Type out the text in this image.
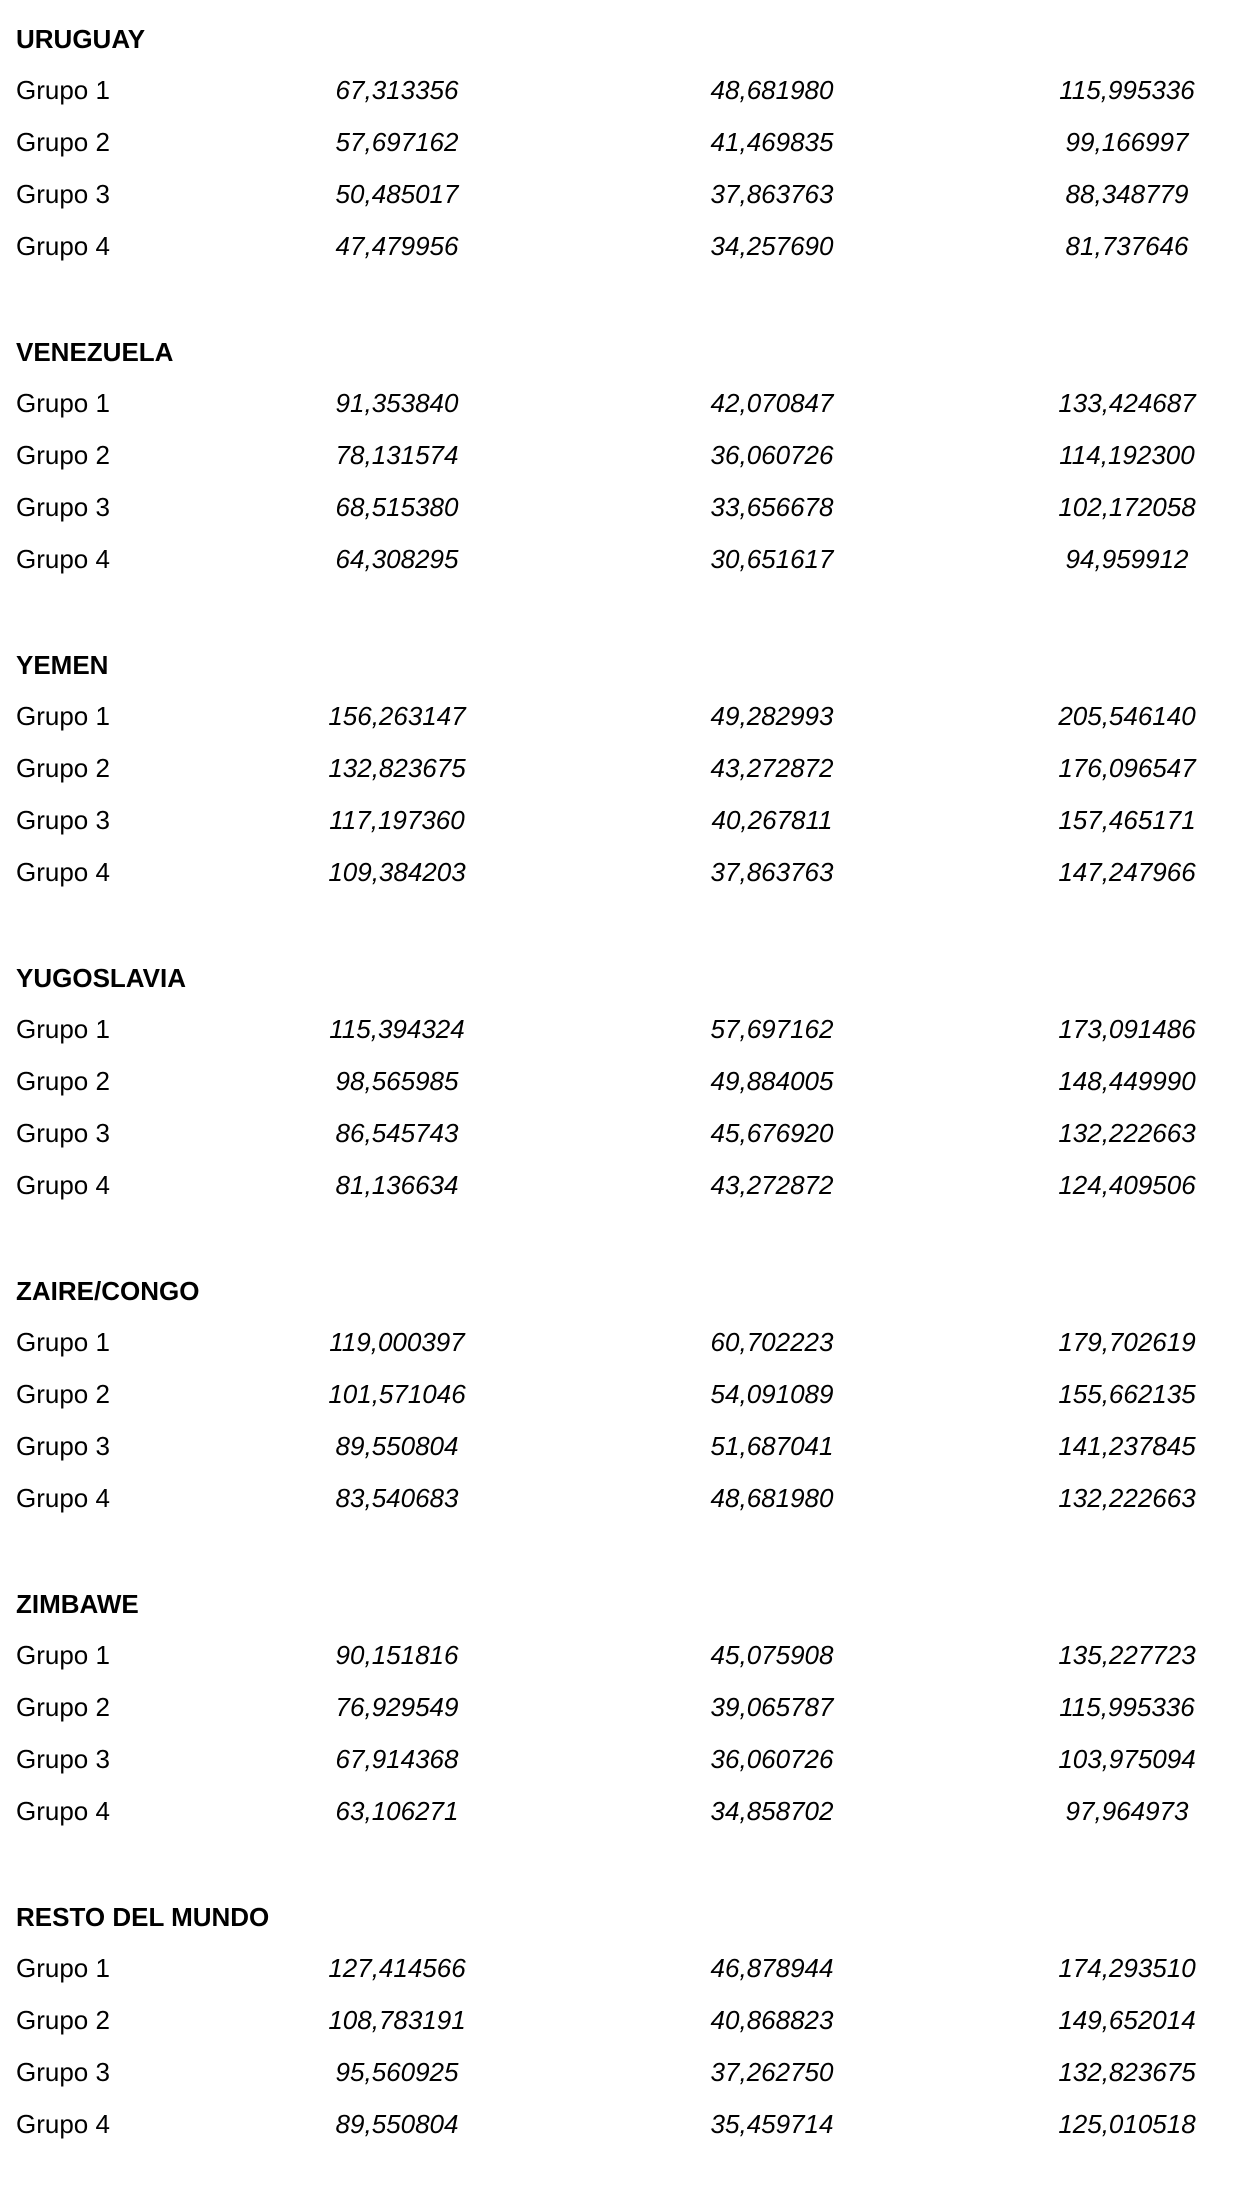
URUGUAY
Grupo 1	67,313356	48,681980	115,995336
Grupo 2	57,697162	41,469835	99,166997
Grupo 3	50,485017	37,863763	88,348779
Grupo 4	47,479956	34,257690	81,737646
VENEZUELA
Grupo 1	91,353840	42,070847	133,424687
Grupo 2	78,131574	36,060726	114,192300
Grupo 3	68,515380	33,656678	102,172058
Grupo 4	64,308295	30,651617	94,959912
YEMEN
Grupo 1	156,263147	49,282993	205,546140
Grupo 2	132,823675	43,272872	176,096547
Grupo 3	117,197360	40,267811	157,465171
Grupo 4	109,384203	37,863763	147,247966
YUGOSLAVIA
Grupo 1	115,394324	57,697162	173,091486
Grupo 2	98,565985	49,884005	148,449990
Grupo 3	86,545743	45,676920	132,222663
Grupo 4	81,136634	43,272872	124,409506
ZAIRE/CONGO
Grupo 1	119,000397	60,702223	179,702619
Grupo 2	101,571046	54,091089	155,662135
Grupo 3	89,550804	51,687041	141,237845
Grupo 4	83,540683	48,681980	132,222663
ZIMBAWE
Grupo 1	90,151816	45,075908	135,227723
Grupo 2	76,929549	39,065787	115,995336
Grupo 3	67,914368	36,060726	103,975094
Grupo 4	63,106271	34,858702	97,964973
RESTO DEL MUNDO
Grupo 1	127,414566	46,878944	174,293510
Grupo 2	108,783191	40,868823	149,652014
Grupo 3	95,560925	37,262750	132,823675
Grupo 4	89,550804	35,459714	125,010518
